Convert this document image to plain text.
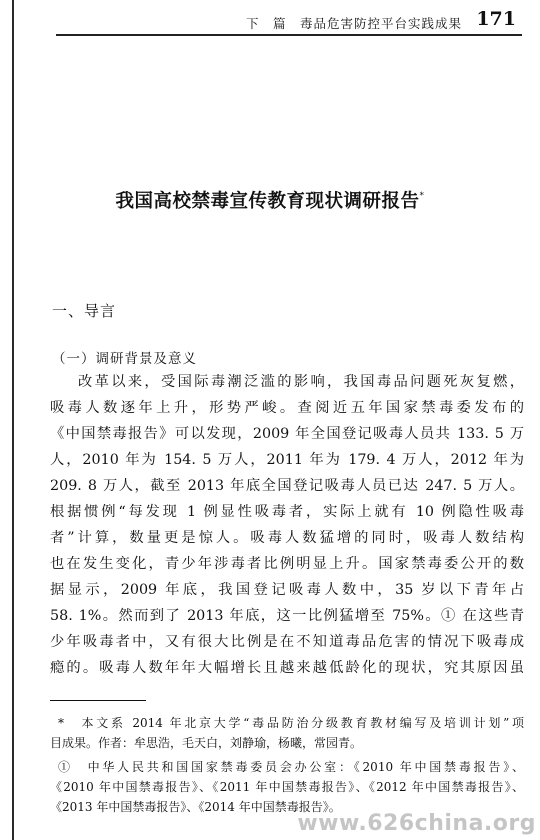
下　篇　毒品危害防控平台实践成果 171
我国高校禁毒宣传教育现状调研报告*
一、导言
（一）调研背景及意义
改革以来，受国际毒潮泛滥的影响，我国毒品问题死灰复燃，
吸毒人数逐年上升，形势严峻。查阅近五年国家禁毒委发布的
《中国禁毒报告》可以发现，2009 年全国登记吸毒人员共 133. 5 万
人，2010 年为 154. 5 万人，2011 年为 179. 4 万人，2012 年为
209. 8 万人，截至 2013 年底全国登记吸毒人员已达 247. 5 万人。
根据惯例“每发现 1 例显性吸毒者，实际上就有 10 例隐性吸毒
者”计算，数量更是惊人。吸毒人数猛增的同时，吸毒人数结构
也在发生变化，青少年涉毒者比例明显上升。国家禁毒委公开的数
据显示，2009 年底，我国登记吸毒人数中，35 岁以下青年占
58. 1%。然而到了 2013 年底，这一比例猛增至 75%。① 在这些青
少年吸毒者中，又有很大比例是在不知道毒品危害的情况下吸毒成
瘾的。吸毒人数年年大幅增长且越来越低龄化的现状，究其原因虽
*　本文系 2014 年北京大学“毒品防治分级教育教材编写及培训计划”项
目成果。作者：牟思浩，毛天白，刘静瑜，杨曦，常园青。
①　中华人民共和国国家禁毒委员会办公室：《2010 年中国禁毒报告》、
《2010 年中国禁毒报告》、《2011 年中国禁毒报告》、《2012 年中国禁毒报告》、
《2013 年中国禁毒报告》、《2014 年中国禁毒报告》。
www.626china.org
